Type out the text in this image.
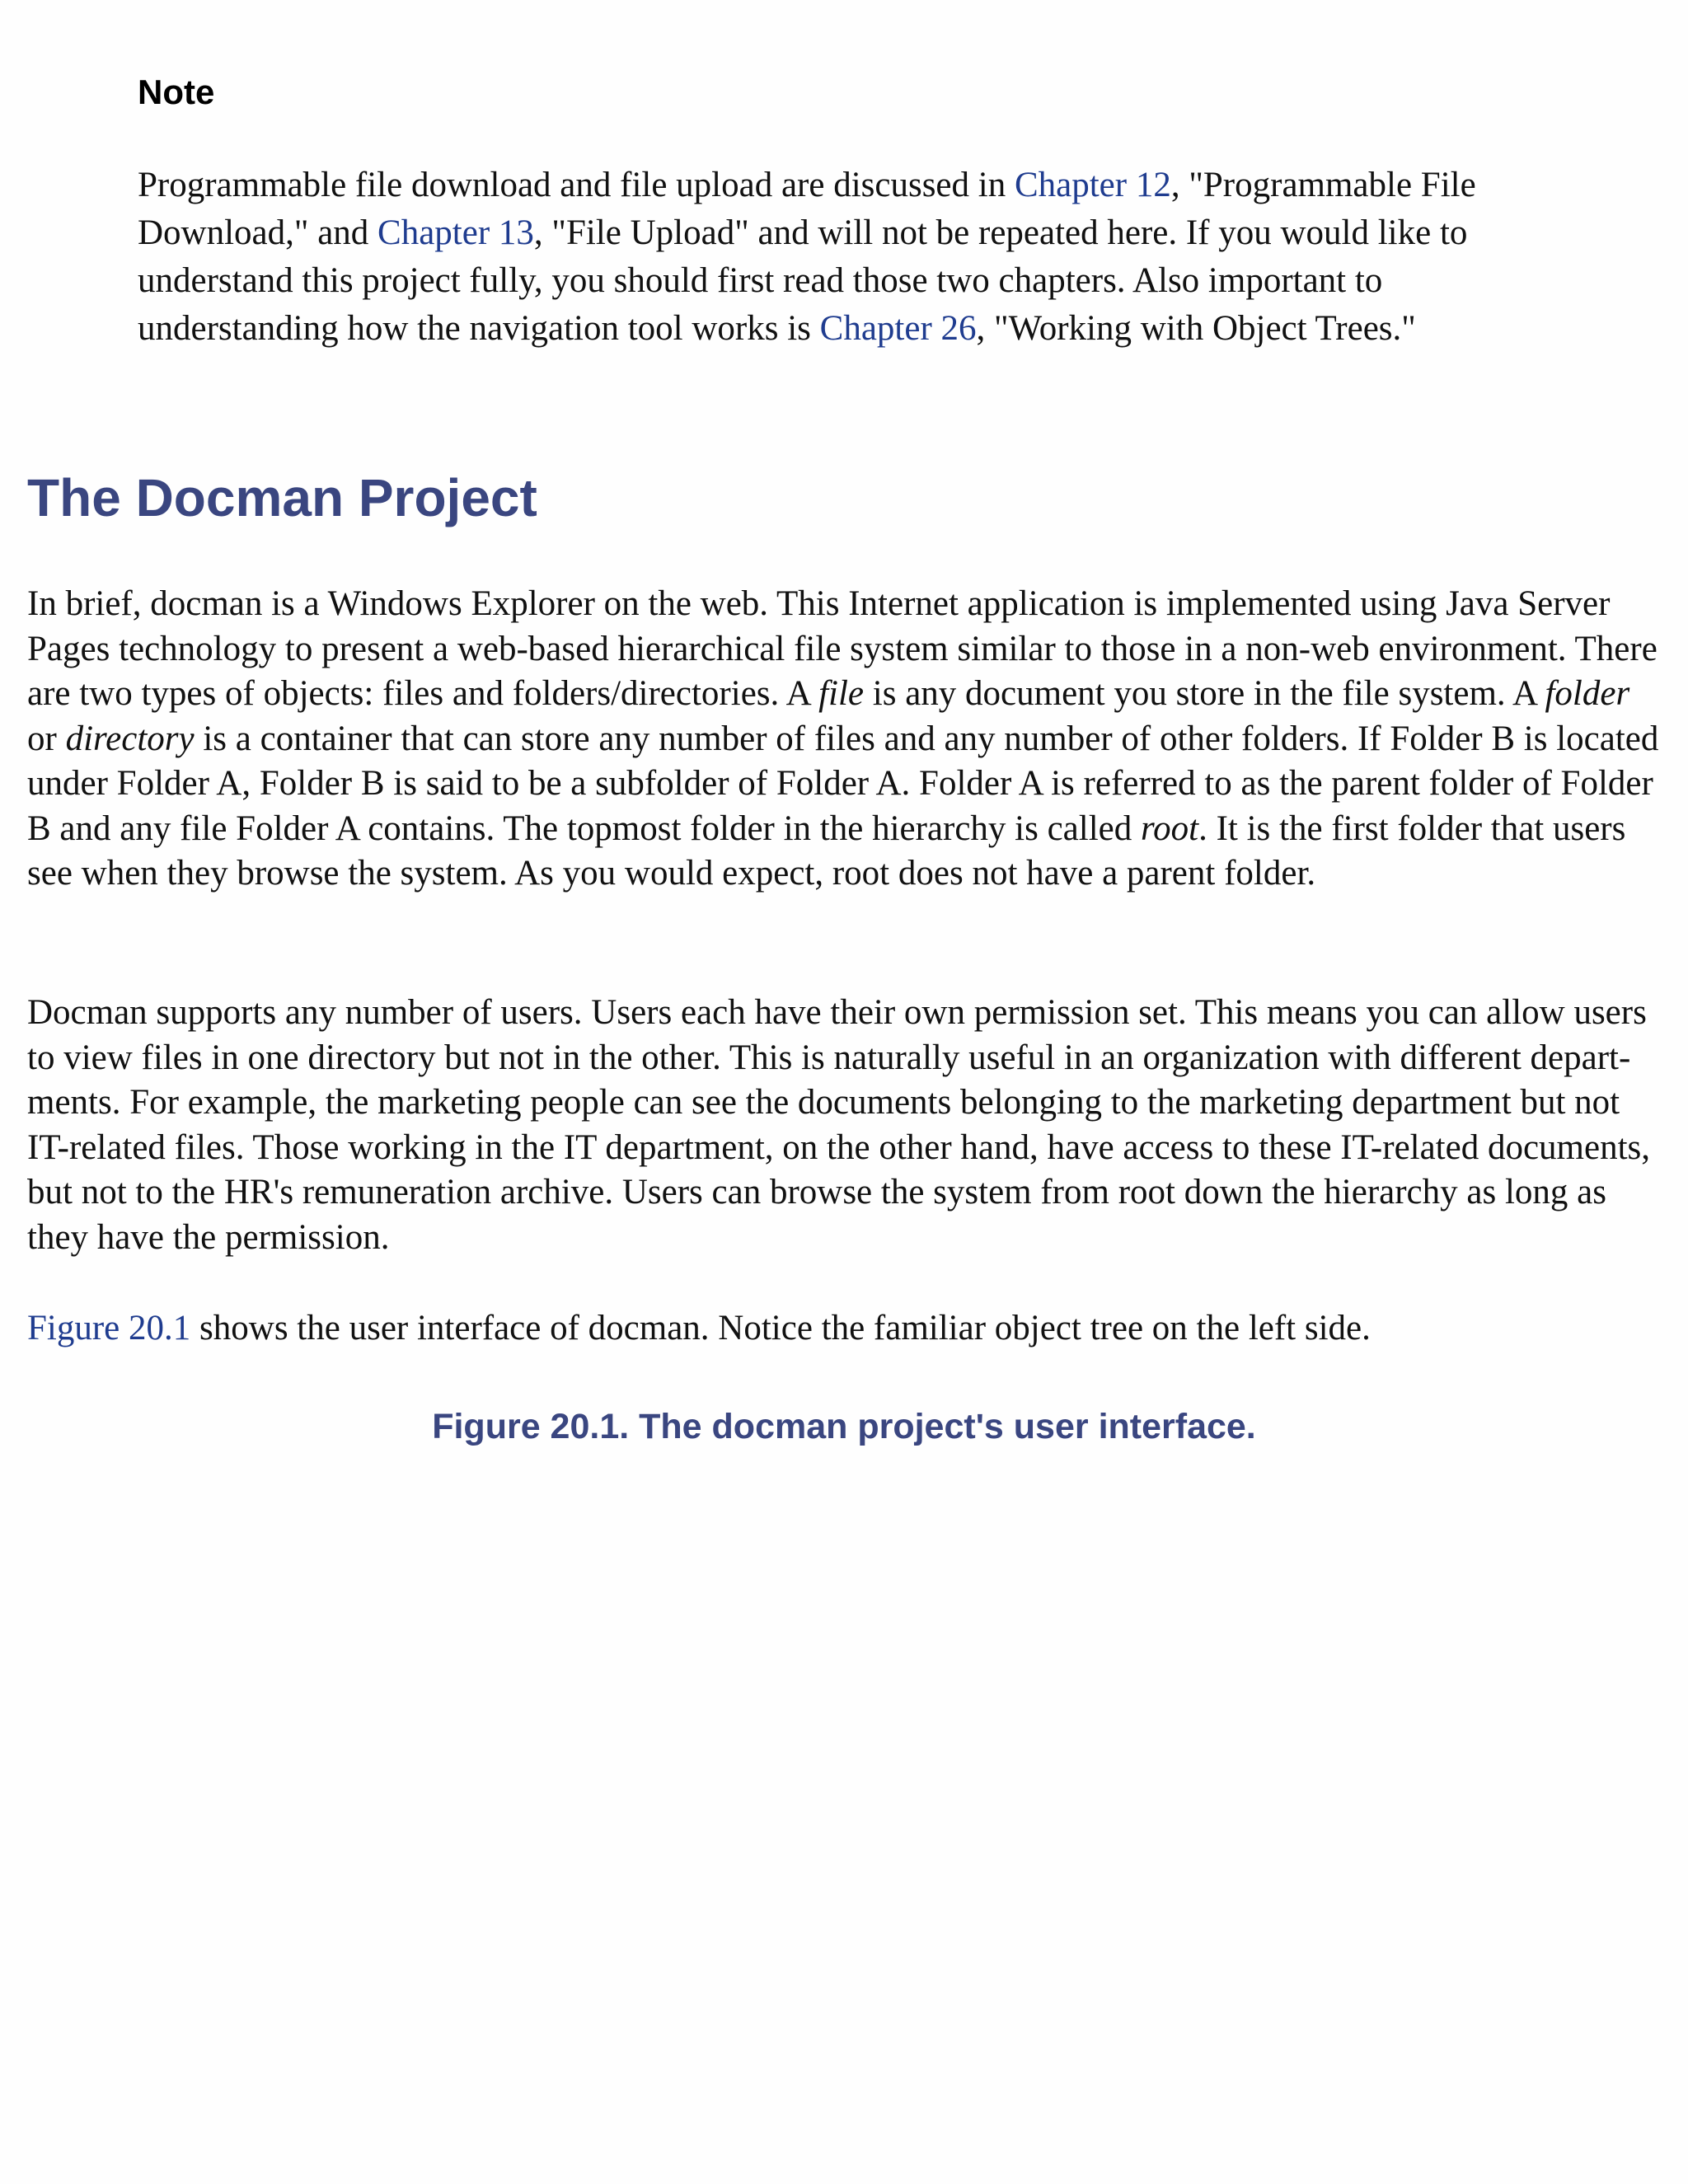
Note

Programmable file download and file upload are discussed in Chapter 12, "Programmable File Download," and Chapter 13, "File Upload" and will not be repeated here. If you would like to understand this project fully, you should first read those two chapters. Also important to understanding how the navigation tool works is Chapter 26, "Working with Object Trees."

The Docman Project

In brief, docman is a Windows Explorer on the web. This Internet application is implemented using Java Server Pages technology to present a web-based hierarchical file system similar to those in a non-web environment. There are two types of objects: files and folders/directories. A file is any document you store in the file system. A folder or directory is a container that can store any number of files and any number of other folders. If Folder B is located under Folder A, Folder B is said to be a subfolder of Folder A. Folder A is referred to as the parent folder of Folder B and any file Folder A contains. The topmost folder in the hierarchy is called root. It is the first folder that users see when they browse the system. As you would expect, root does not have a parent folder.

Docman supports any number of users. Users each have their own permission set. This means you can allow users to view files in one directory but not in the other. This is naturally useful in an organization with different depart-ments. For example, the marketing people can see the documents belonging to the marketing department but not IT-related files. Those working in the IT department, on the other hand, have access to these IT-related documents, but not to the HR's remuneration archive. Users can browse the system from root down the hierarchy as long as they have the permission.

Figure 20.1 shows the user interface of docman. Notice the familiar object tree on the left side.

Figure 20.1. The docman project's user interface.
